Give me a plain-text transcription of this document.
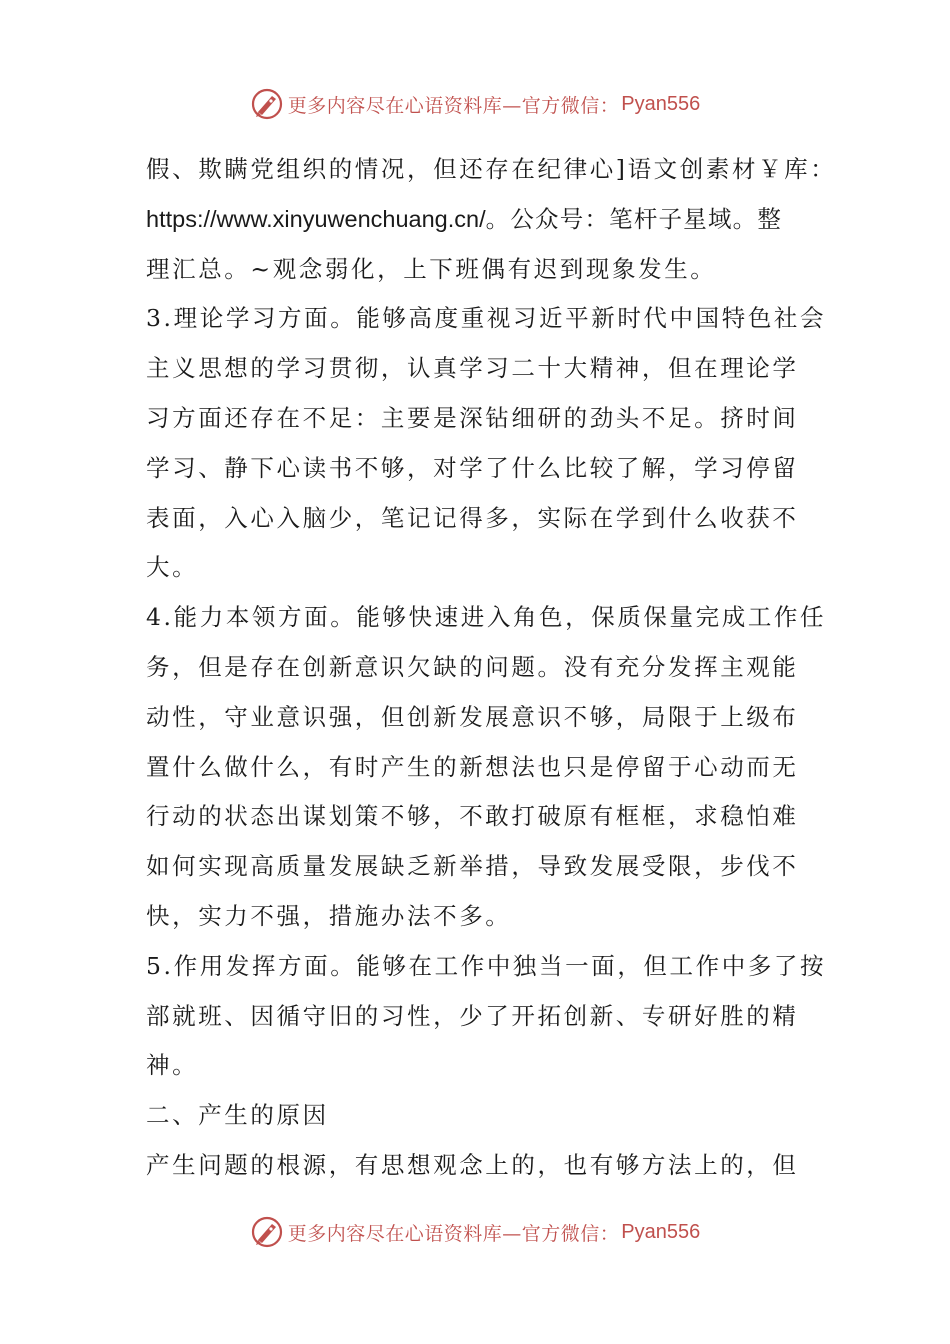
更多内容尽在心语资料库—官方微信： Pyan556
假、欺瞒党组织的情况，但还存在纪律心]语文创素材￥库：
https://www.xinyuwenchuang.cn/。公众号：笔杆子星域。整
理汇总。~观念弱化，上下班偶有迟到现象发生。
3.理论学习方面。能够高度重视习近平新时代中国特色社会
主义思想的学习贯彻，认真学习二十大精神，但在理论学
习方面还存在不足：主要是深钻细研的劲头不足。挤时间
学习、静下心读书不够，对学了什么比较了解，学习停留
表面，入心入脑少，笔记记得多，实际在学到什么收获不
大。
4.能力本领方面。能够快速进入角色，保质保量完成工作任
务，但是存在创新意识欠缺的问题。没有充分发挥主观能
动性，守业意识强，但创新发展意识不够，局限于上级布
置什么做什么，有时产生的新想法也只是停留于心动而无
行动的状态出谋划策不够，不敢打破原有框框，求稳怕难
如何实现高质量发展缺乏新举措，导致发展受限，步伐不
快，实力不强，措施办法不多。
5.作用发挥方面。能够在工作中独当一面，但工作中多了按
部就班、因循守旧的习性，少了开拓创新、专研好胜的精
神。
二、产生的原因
产生问题的根源，有思想观念上的，也有够方法上的，但
更多内容尽在心语资料库—官方微信： Pyan556
